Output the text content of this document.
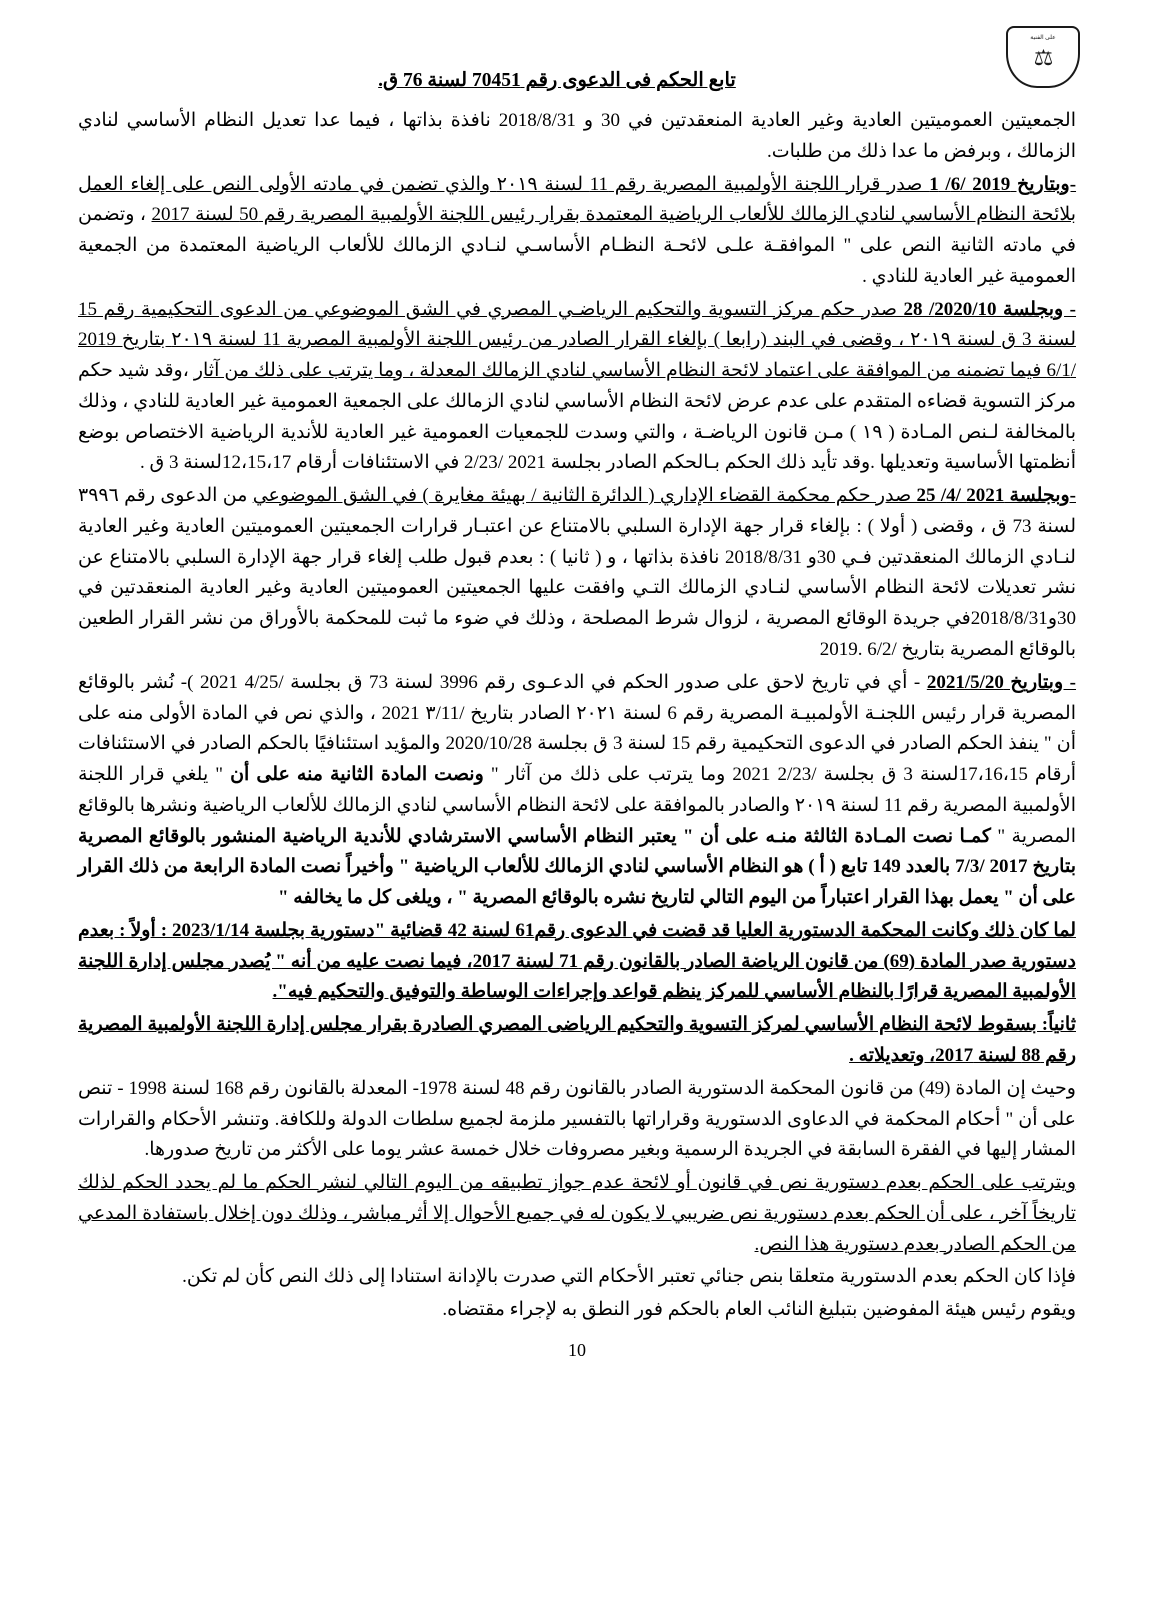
على الفنية
⚖
تابع الحكم فى الدعوى رقم 70451 لسنة 76 ق.

الجمعيتين العموميتين العادية وغير العادية المنعقدتين في 30 و 2018/8/31 نافذة بذاتها ، فيما عدا تعديل النظام الأساسي لنادي الزمالك ، وبرفض ما عدا ذلك من طلبات.

-وبتاريخ 2019 /6/ 1 صدر قرار اللجنة الأولمبية المصرية رقم 11 لسنة ٢٠١٩ والذي تضمن في مادته الأولى النص على إلغاء العمل بلائحة النظام الأساسي لنادي الزمالك للألعاب الرياضية المعتمدة بقرار رئيس اللجنة الأولمبية المصرية رقم 50 لسنة 2017 ، وتضمن في مادته الثانية النص على " الموافقـة علـى لائحـة النظـام الأساسـي لنـادي الزمالك للألعاب الرياضية المعتمدة من الجمعية العمومية غير العادية للنادي .

- وبجلسة 2020/10/ 28 صدر حكم مركز التسوية والتحكيم الرياضـي المصري في الشق الموضوعي من الدعوى التحكيمية رقم 15 لسنة 3 ق لسنة ٢٠١٩ ، وقضى في البند (رابعا ) بإلغاء القرار الصادر من رئيس اللجنة الأولمبية المصرية 11 لسنة ٢٠١٩ بتاريخ 2019 /6/1 فيما تضمنه من الموافقة على اعتماد لائحة النظام الأساسي لنادي الزمالك المعدلة ، وما يترتب على ذلك من آثار ،وقد شيد حكم مركز التسوية قضاءه المتقدم على عدم عرض لائحة النظام الأساسي لنادي الزمالك على الجمعية العمومية غير العادية للنادي ، وذلك بالمخالفة لـنص المـادة ( ١٩ ) مـن قانون الرياضـة ، والتي وسدت للجمعيات العمومية غير العادية للأندية الرياضية الاختصاص بوضع أنظمتها الأساسية وتعديلها .وقد تأيد ذلك الحكم بـالحكم الصادر بجلسة 2021 /2/23 في الاستئنافات أرقام 12،15،17لسنة 3 ق .

-وبجلسة 2021 /4/ 25 صدر حكم محكمة القضاء الإداري ( الدائرة الثانية / بهيئة مغايرة ) في الشق الموضوعي من الدعوى رقم ٣٩٩٦ لسنة 73 ق ، وقضى ( أولا ) : بإلغاء قرار جهة الإدارة السلبي بالامتناع عن اعتبـار قرارات الجمعيتين العموميتين العادية وغير العادية لنـادي الزمالك المنعقدتين فـي 30و 2018/8/31 نافذة بذاتها ، و ( ثانيا ) : بعدم قبول طلب إلغاء قرار جهة الإدارة السلبي بالامتناع عن نشر تعديلات لائحة النظام الأساسي لنـادي الزمالك التـي وافقت عليها الجمعيتين العموميتين العادية وغير العادية المنعقدتين في 30و2018/8/31في جريدة الوقائع المصرية ، لزوال شرط المصلحة ، وذلك في ضوء ما ثبت للمحكمة بالأوراق من نشر القرار الطعين بالوقائع المصرية بتاريخ /6/2 .2019

- وبتاريخ 2021/5/20 - أي في تاريخ لاحق على صدور الحكم في الدعـوى رقم 3996 لسنة 73 ق بجلسة /4/25 2021 )- نُشر بالوقائع المصرية قرار رئيس اللجنـة الأولمبيـة المصرية رقم 6 لسنة ٢٠٢١ الصادر بتاريخ /٣/11 2021 ، والذي نص في المادة الأولى منه على أن " ينفذ الحكم الصادر في الدعوى التحكيمية رقم 15 لسنة 3 ق بجلسة 2020/10/28 والمؤيد استئنافيًا بالحكم الصادر في الاستئنافات أرقام 17،16،15لسنة 3 ق بجلسة /2/23 2021 وما يترتب على ذلك من آثار " ونصت المادة الثانية منه على أن " يلغي قرار اللجنة الأولمبية المصرية رقم 11 لسنة ٢٠١٩ والصادر بالموافقة على لائحة النظام الأساسي لنادي الزمالك للألعاب الرياضية ونشرها بالوقائع المصرية " كمـا نصت المـادة الثالثة منـه على أن " يعتبر النظام الأساسي الاسترشادي للأندية الرياضية المنشور بالوقائع المصرية بتاريخ 2017 /7/3 بالعدد 149 تابع ( أ ) هو النظام الأساسي لنادي الزمالك للألعاب الرياضية " وأخيراً نصت المادة الرابعة من ذلك القرار على أن " يعمل بهذا القرار اعتباراً من اليوم التالي لتاريخ نشره بالوقائع المصرية " ، ويلغى كل ما يخالفه "

لما كان ذلك وكانت المحكمة الدستورية العليا قد قضت في الدعوى رقم61 لسنة 42 قضائية "دستورية بجلسة 2023/1/14 : أولاً : بعدم دستورية صدر المادة (69) من قانون الرياضة الصادر بالقانون رقم 71 لسنة 2017، فيما نصت عليه من أنه " يُصدر مجلس إدارة اللجنة الأولمبية المصرية قرارًا بالنظام الأساسي للمركز ينظم قواعد وإجراءات الوساطة والتوفيق والتحكيم فيه".

ثانياً: بسقوط لائحة النظام الأساسي لمركز التسوية والتحكيم الرياضى المصري الصادرة بقرار مجلس إدارة اللجنة الأولمبية المصرية رقم 88 لسنة 2017، وتعديلاته .

وحيث إن المادة (49) من قانون المحكمة الدستورية الصادر بالقانون رقم 48 لسنة 1978- المعدلة بالقانون رقم 168 لسنة 1998 - تنص على أن " أحكام المحكمة في الدعاوى الدستورية وقراراتها بالتفسير ملزمة لجميع سلطات الدولة وللكافة. وتنشر الأحكام والقرارات المشار إليها في الفقرة السابقة في الجريدة الرسمية وبغير مصروفات خلال خمسة عشر يوما على الأكثر من تاريخ صدورها.

ويترتب على الحكم بعدم دستورية نص في قانون أو لائحة عدم جواز تطبيقه من اليوم التالي لنشر الحكم ما لم يحدد الحكم لذلك تاريخاً آخر ، على أن الحكم بعدم دستورية نص ضريبي لا يكون له في جميع الأحوال إلا أثر مباشر ، وذلك دون إخلال باستفادة المدعي من الحكم الصادر بعدم دستورية هذا النص.

فإذا كان الحكم بعدم الدستورية متعلقا بنص جنائي تعتبر الأحكام التي صدرت بالإدانة استنادا إلى ذلك النص كأن لم تكن.

ويقوم رئيس هيئة المفوضين بتبليغ النائب العام بالحكم فور النطق به لإجراء مقتضاه.

10
